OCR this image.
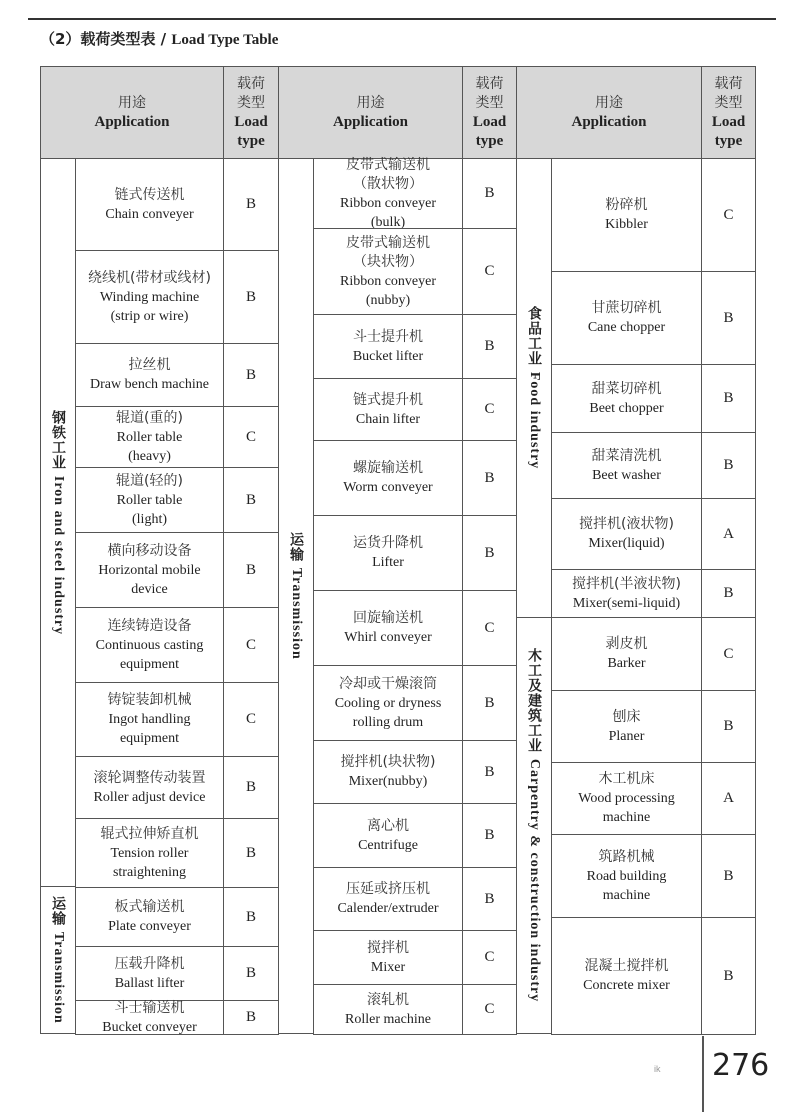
（2）载荷类型表 / Load Type Table
用途
Application
载荷
类型
Load
type
钢铁工业 Iron and steel industry
运输 Transmission
链式传送机
Chain conveyer
B
绕线机(带材或线材)
Winding machine
(strip or wire)
B
拉丝机
Draw bench machine
B
辊道(重的)
Roller table
(heavy)
C
辊道(轻的)
Roller table
(light)
B
横向移动设备
Horizontal mobile
device
B
连续铸造设备
Continuous casting
equipment
C
铸锭装卸机械
Ingot handling
equipment
C
滚轮调整传动装置
Roller adjust device
B
辊式拉伸矫直机
Tension roller
straightening
B
板式输送机
Plate conveyer
B
压载升降机
Ballast lifter
B
斗士输送机
Bucket conveyer
B
用途
Application
载荷
类型
Load
type
运输 Transmission
皮带式输送机
（散状物）
Ribbon conveyer
(bulk)
B
皮带式输送机
（块状物）
Ribbon conveyer
(nubby)
C
斗士提升机
Bucket lifter
B
链式提升机
Chain lifter
C
螺旋输送机
Worm conveyer
B
运货升降机
Lifter
B
回旋输送机
Whirl conveyer
C
冷却或干燥滚筒
Cooling or dryness
rolling drum
B
搅拌机(块状物)
Mixer(nubby)
B
离心机
Centrifuge
B
压延或挤压机
Calender/extruder
B
搅拌机
Mixer
C
滚轧机
Roller machine
C
用途
Application
载荷
类型
Load
type
食品工业 Food industry
木工及建筑工业 Carpentry & construction industry
粉碎机
Kibbler
C
甘蔗切碎机
Cane chopper
B
甜菜切碎机
Beet chopper
B
甜菜清洗机
Beet washer
B
搅拌机(液状物)
Mixer(liquid)
A
搅拌机(半液状物)
Mixer(semi-liquid)
B
剥皮机
Barker
C
刨床
Planer
B
木工机床
Wood processing
machine
A
筑路机械
Road building
machine
B
混凝土搅拌机
Concrete mixer
B
ik 276
